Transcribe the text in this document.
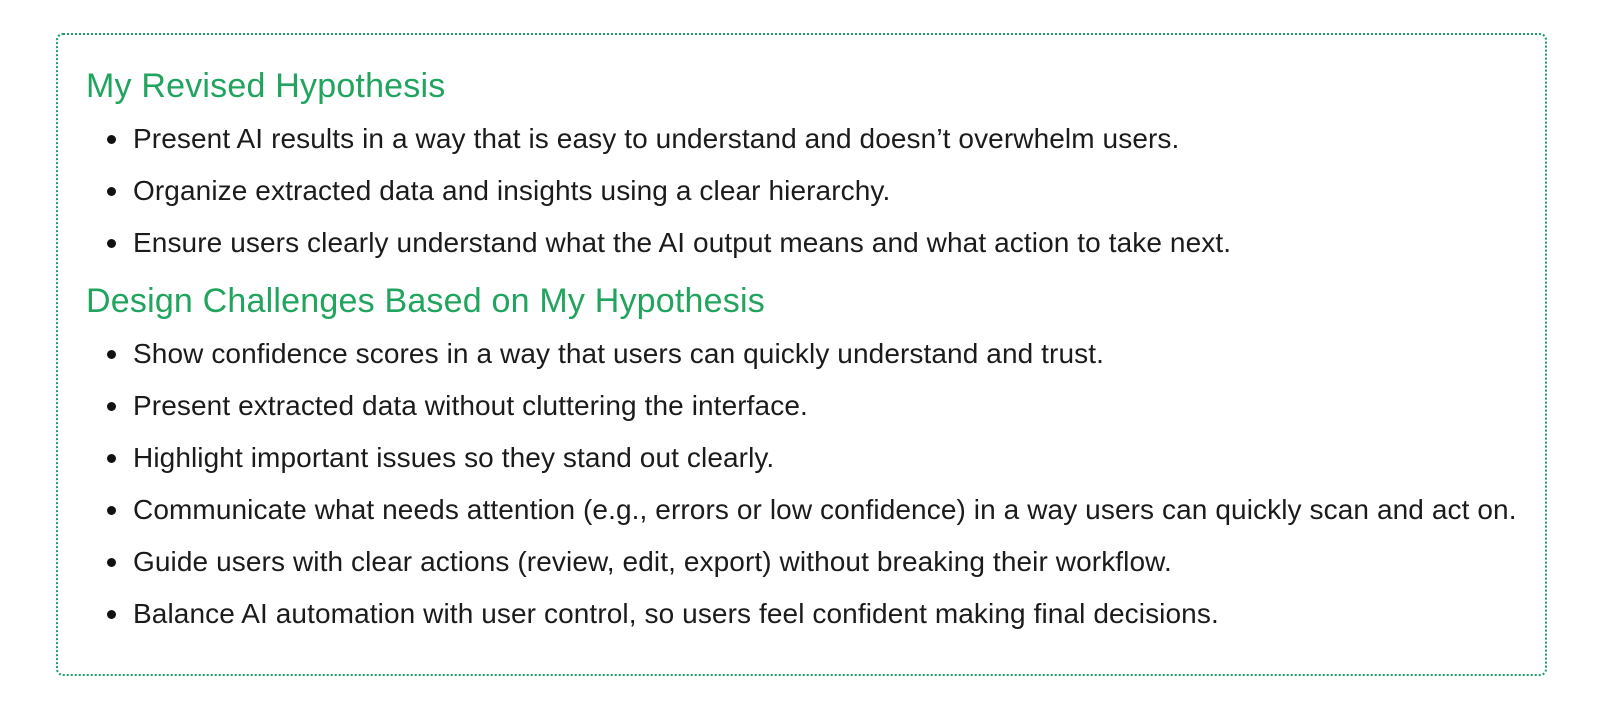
My Revised Hypothesis
Present AI results in a way that is easy to understand and doesn’t overwhelm users.
Organize extracted data and insights using a clear hierarchy.
Ensure users clearly understand what the AI output means and what action to take next.
Design Challenges Based on My Hypothesis
Show confidence scores in a way that users can quickly understand and trust.
Present extracted data without cluttering the interface.
Highlight important issues so they stand out clearly.
Communicate what needs attention (e.g., errors or low confidence) in a way users can quickly scan and act on.
Guide users with clear actions (review, edit, export) without breaking their workflow.
Balance AI automation with user control, so users feel confident making final decisions.
